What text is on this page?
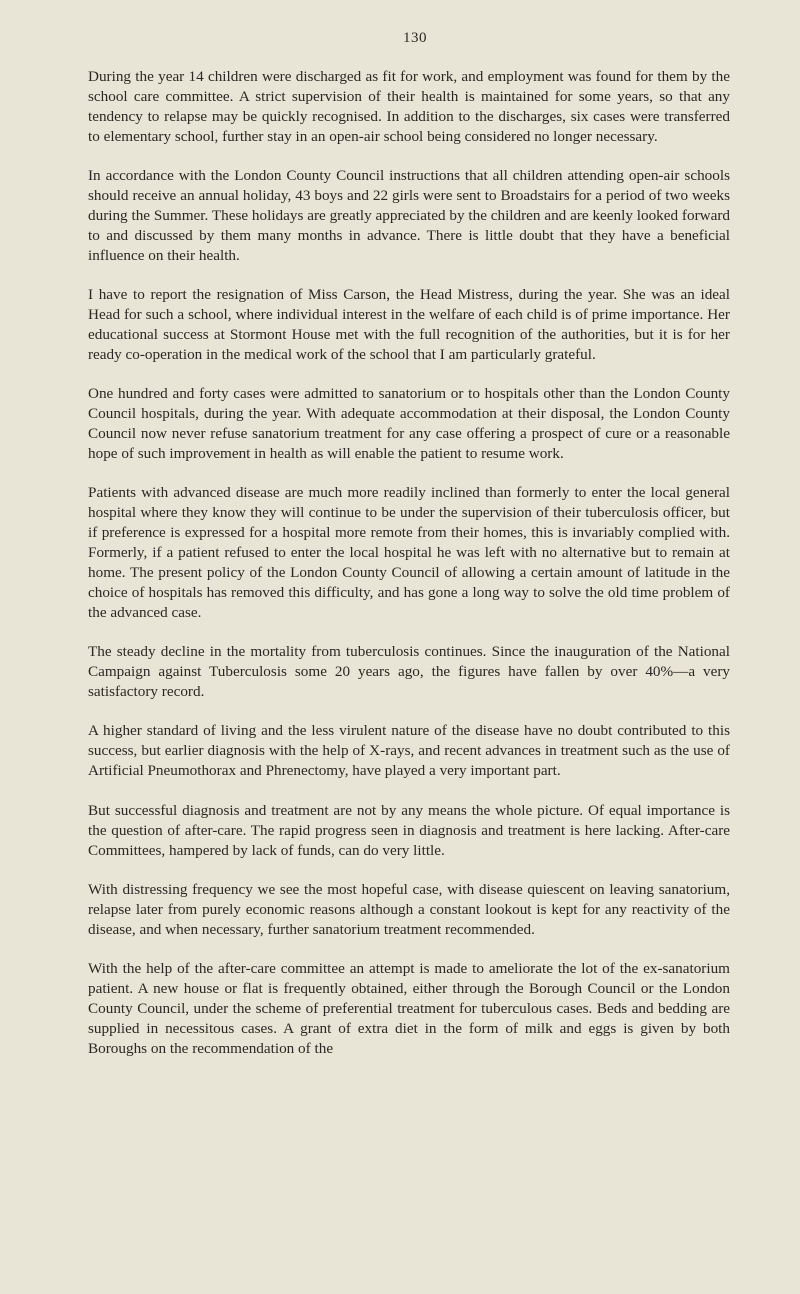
130

During the year 14 children were discharged as fit for work, and employment was found for them by the school care committee. A strict supervision of their health is maintained for some years, so that any tendency to relapse may be quickly recognised. In addition to the discharges, six cases were transferred to elementary school, further stay in an open-air school being considered no longer necessary.

In accordance with the London County Council instructions that all children attending open-air schools should receive an annual holiday, 43 boys and 22 girls were sent to Broadstairs for a period of two weeks during the Summer. These holidays are greatly appreciated by the children and are keenly looked forward to and discussed by them many months in advance. There is little doubt that they have a beneficial influence on their health.

I have to report the resignation of Miss Carson, the Head Mistress, during the year. She was an ideal Head for such a school, where individual interest in the welfare of each child is of prime importance. Her educational success at Stormont House met with the full recognition of the authorities, but it is for her ready co-operation in the medical work of the school that I am particularly grateful.

One hundred and forty cases were admitted to sanatorium or to hospitals other than the London County Council hospitals, during the year. With adequate accommodation at their disposal, the London County Council now never refuse sanatorium treatment for any case offering a prospect of cure or a reasonable hope of such improvement in health as will enable the patient to resume work.

Patients with advanced disease are much more readily inclined than formerly to enter the local general hospital where they know they will continue to be under the supervision of their tuberculosis officer, but if preference is expressed for a hospital more remote from their homes, this is invariably complied with. Formerly, if a patient refused to enter the local hospital he was left with no alternative but to remain at home. The present policy of the London County Council of allowing a certain amount of latitude in the choice of hospitals has removed this difficulty, and has gone a long way to solve the old time problem of the advanced case.

The steady decline in the mortality from tuberculosis continues. Since the inauguration of the National Campaign against Tuberculosis some 20 years ago, the figures have fallen by over 40%—a very satisfactory record.

A higher standard of living and the less virulent nature of the disease have no doubt contributed to this success, but earlier diagnosis with the help of X-rays, and recent advances in treatment such as the use of Artificial Pneumothorax and Phrenectomy, have played a very important part.

But successful diagnosis and treatment are not by any means the whole picture. Of equal importance is the question of after-care. The rapid progress seen in diagnosis and treatment is here lacking. After-care Committees, hampered by lack of funds, can do very little.

With distressing frequency we see the most hopeful case, with disease quiescent on leaving sanatorium, relapse later from purely economic reasons although a constant lookout is kept for any reactivity of the disease, and when necessary, further sanatorium treatment recommended.

With the help of the after-care committee an attempt is made to ameliorate the lot of the ex-sanatorium patient. A new house or flat is frequently obtained, either through the Borough Council or the London County Council, under the scheme of preferential treatment for tuberculous cases. Beds and bedding are supplied in necessitous cases. A grant of extra diet in the form of milk and eggs is given by both Boroughs on the recommendation of the
